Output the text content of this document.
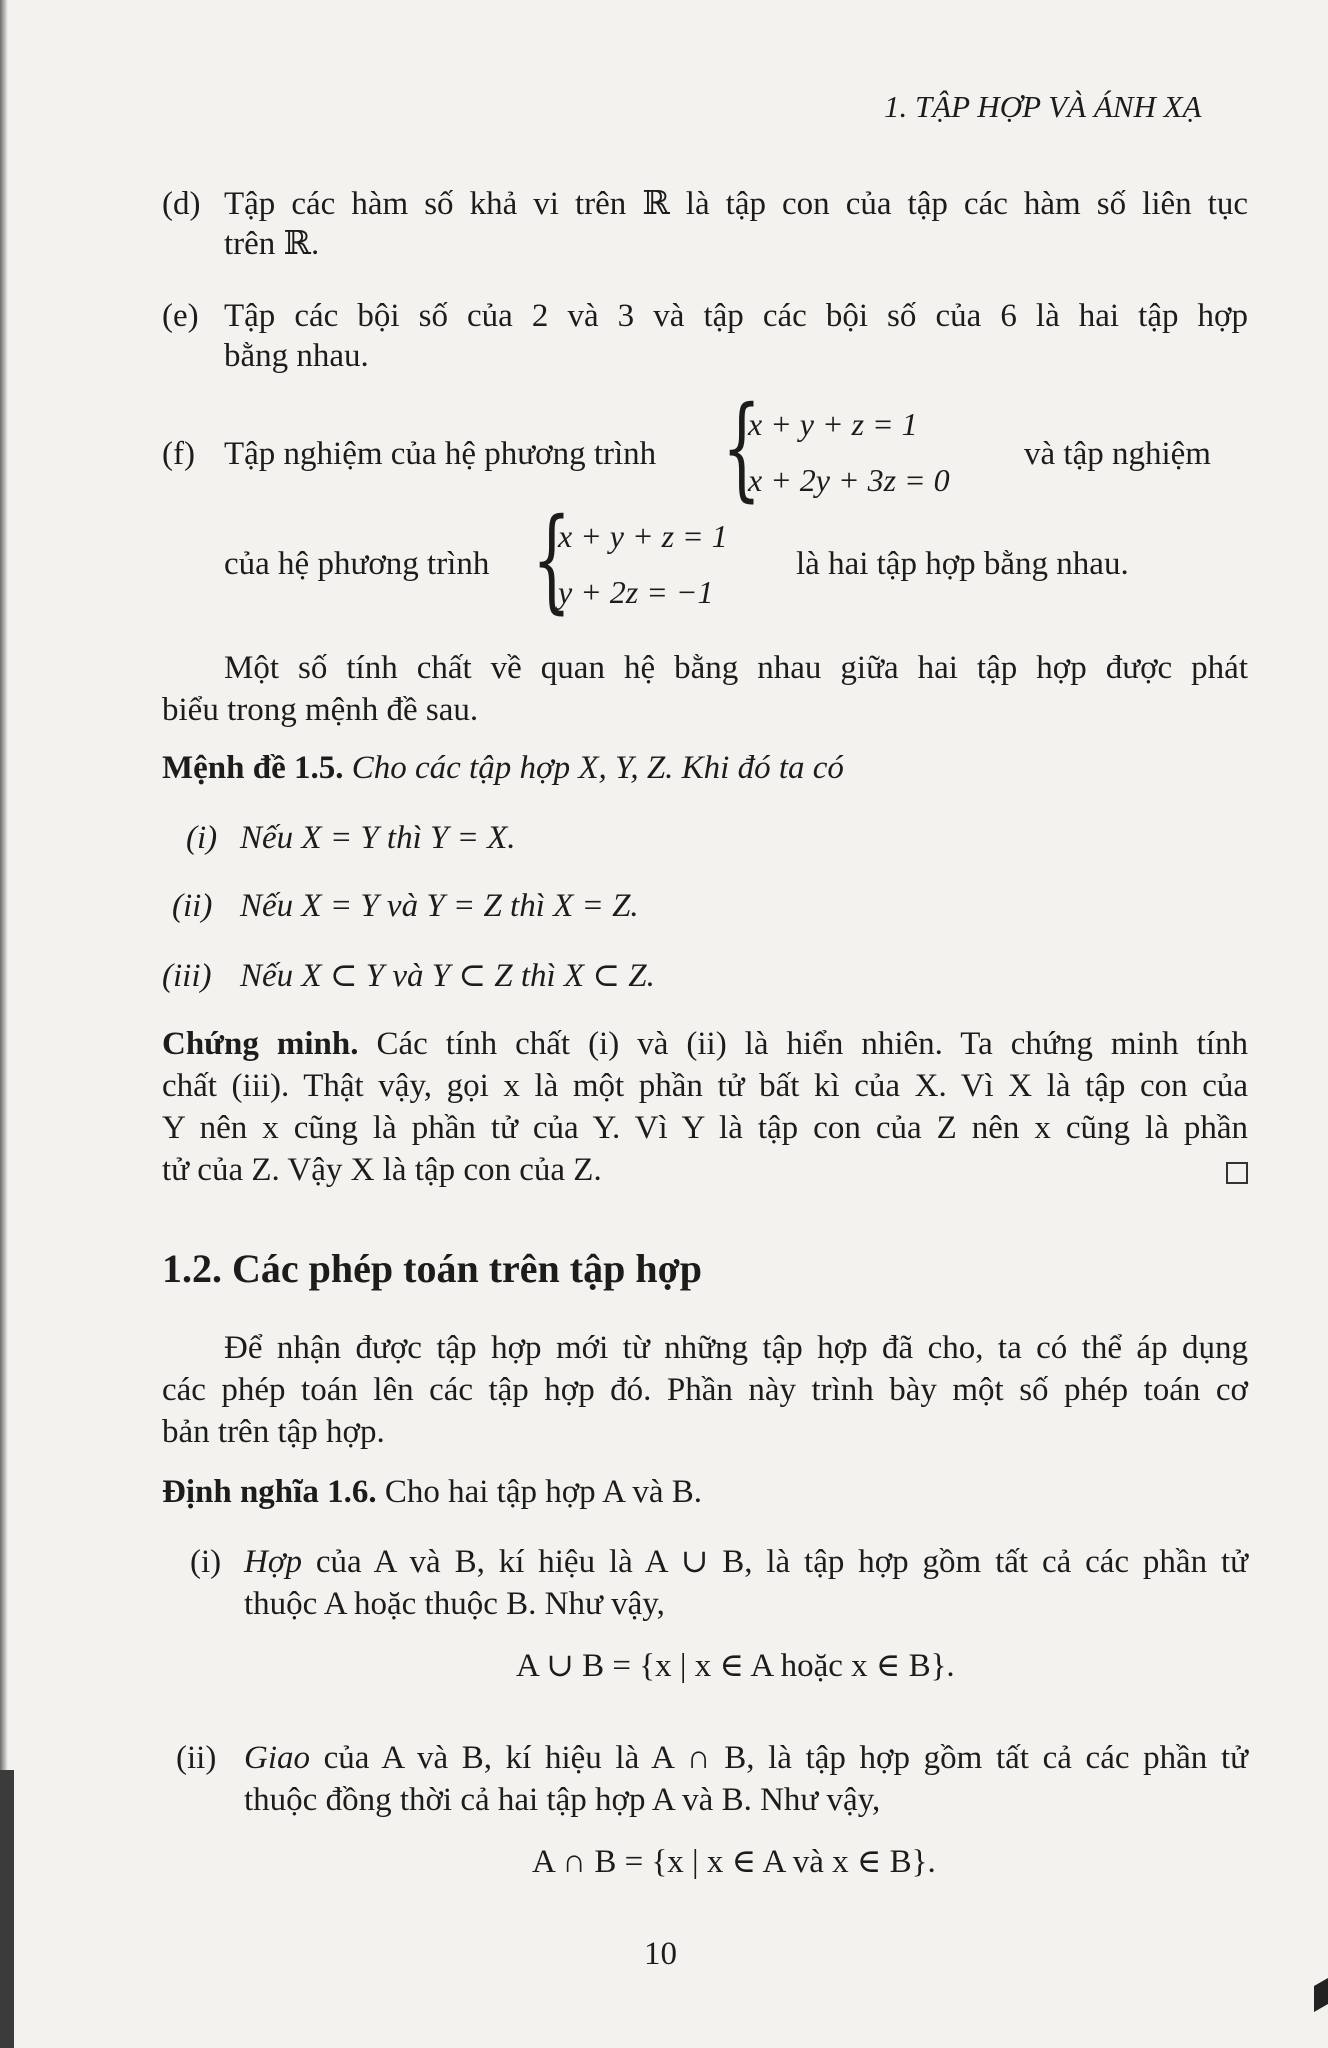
1. TẬP HỢP VÀ ÁNH XẠ
(d) Tập các hàm số khả vi trên ℝ là tập con của tập các hàm số liên tục
trên ℝ.
(e) Tập các bội số của 2 và 3 và tập các bội số của 6 là hai tập hợp
bằng nhau.
(f) Tập nghiệm của hệ phương trình {
x + y + z = 1
x + 2y + 3z = 0
và tập nghiệm
của hệ phương trình {
x + y + z = 1
y + 2z = −1
là hai tập hợp bằng nhau.
Một số tính chất về quan hệ bằng nhau giữa hai tập hợp được phát
biểu trong mệnh đề sau.
Mệnh đề 1.5. Cho các tập hợp X, Y, Z. Khi đó ta có
(i) Nếu X = Y thì Y = X.
(ii) Nếu X = Y và Y = Z thì X = Z.
(iii) Nếu X ⊂ Y và Y ⊂ Z thì X ⊂ Z.
Chứng minh. Các tính chất (i) và (ii) là hiển nhiên. Ta chứng minh tính
chất (iii). Thật vậy, gọi x là một phần tử bất kì của X. Vì X là tập con của
Y nên x cũng là phần tử của Y. Vì Y là tập con của Z nên x cũng là phần
tử của Z. Vậy X là tập con của Z.
1.2. Các phép toán trên tập hợp
Để nhận được tập hợp mới từ những tập hợp đã cho, ta có thể áp dụng
các phép toán lên các tập hợp đó. Phần này trình bày một số phép toán cơ
bản trên tập hợp.
Định nghĩa 1.6. Cho hai tập hợp A và B.
(i) Hợp của A và B, kí hiệu là A ∪ B, là tập hợp gồm tất cả các phần tử
thuộc A hoặc thuộc B. Như vậy,
A ∪ B = {x | x ∈ A hoặc x ∈ B}.
(ii) Giao của A và B, kí hiệu là A ∩ B, là tập hợp gồm tất cả các phần tử
thuộc đồng thời cả hai tập hợp A và B. Như vậy,
A ∩ B = {x | x ∈ A và x ∈ B}.
10
